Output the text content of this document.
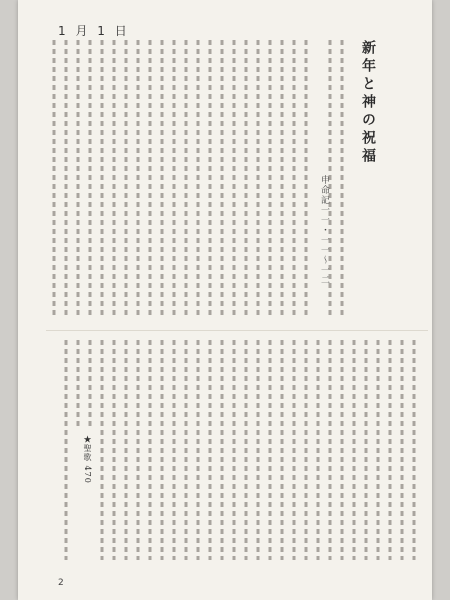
1 月 1 日
新年と神の祝福
申命記一一・一一〜一二
★聖歌 470
2
